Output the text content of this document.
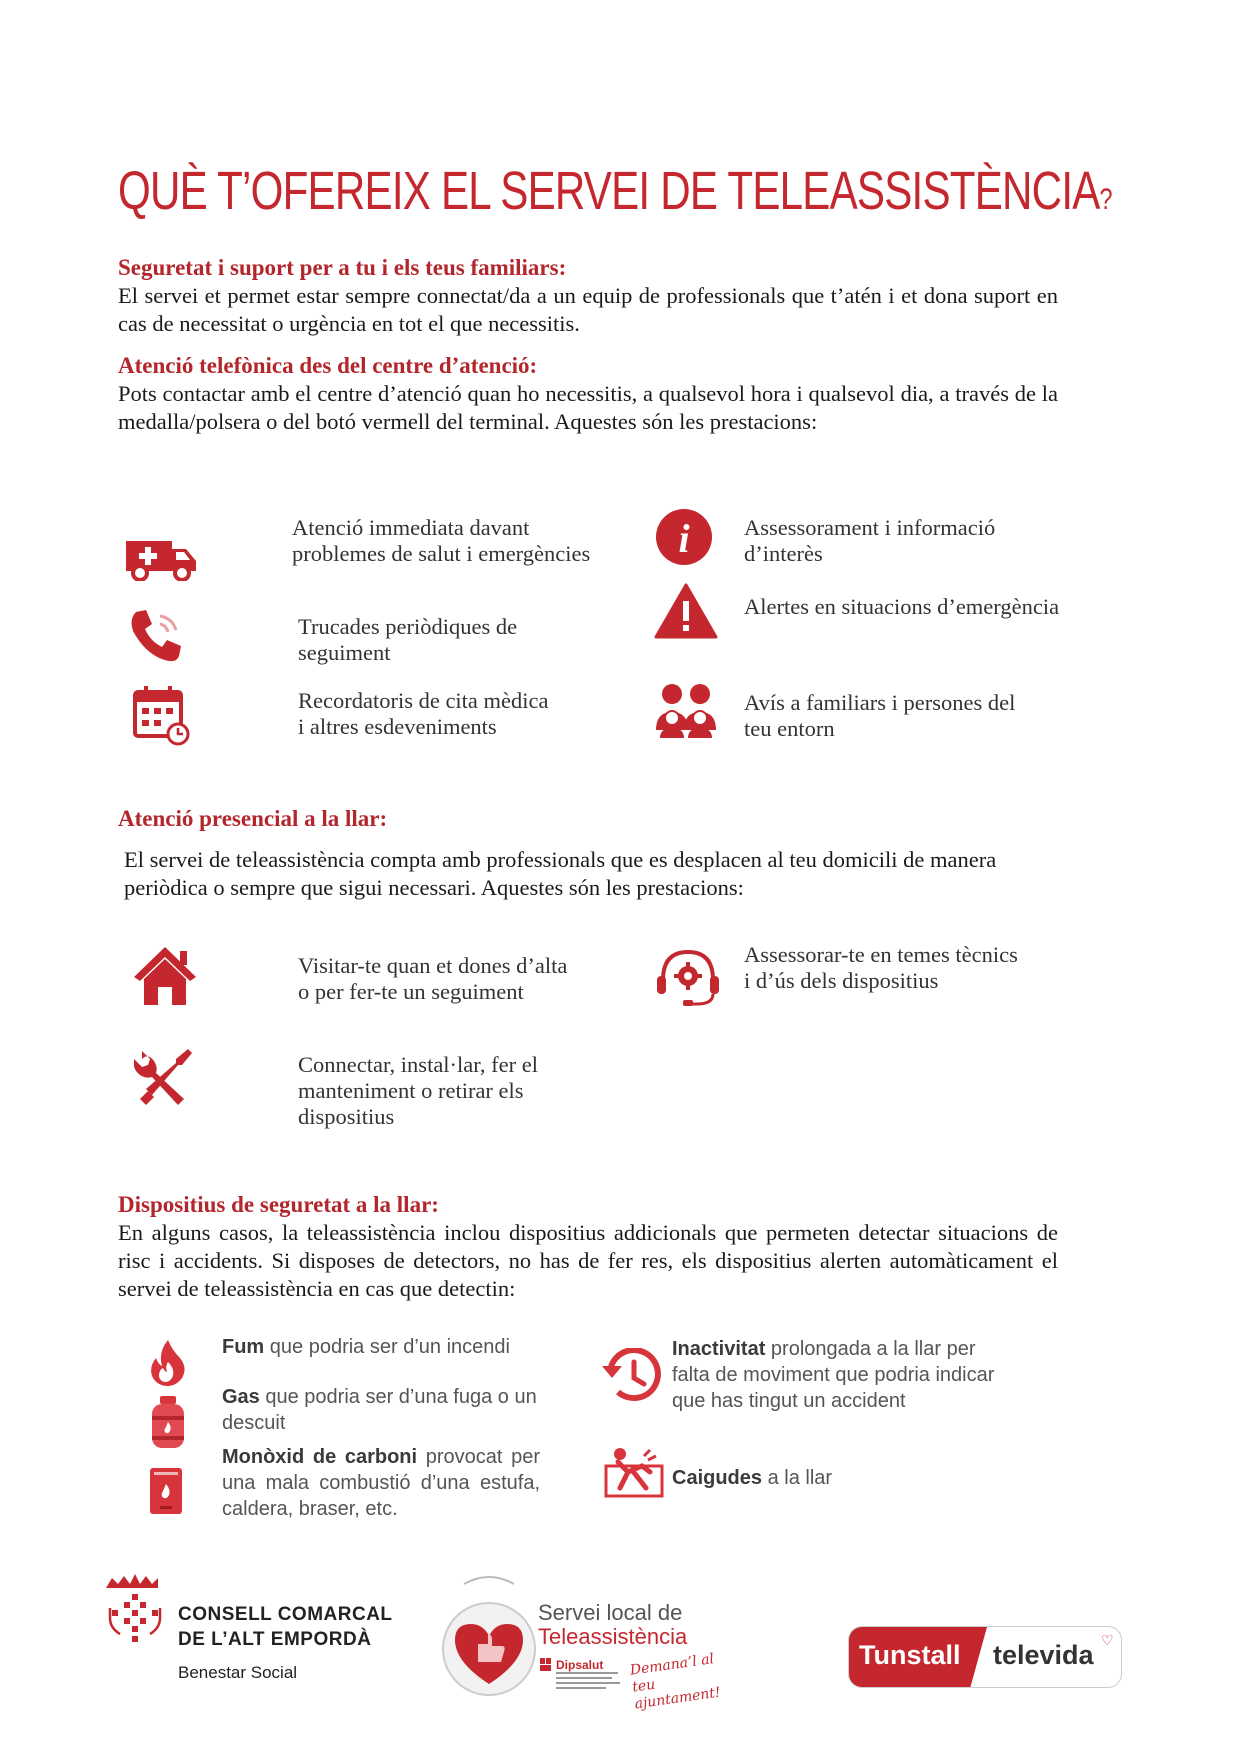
QUÈ T’OFEREIX EL SERVEI DE TELEASSISTÈNCIA?
Seguretat i suport per a tu i els teus familiars:
El servei et permet estar sempre connectat/da a un equip de professionals que t’atén i et dona suport en cas de necessitat o urgència en tot el que necessitis.
Atenció telefònica des del centre d’atenció:
Pots contactar amb el centre d’atenció quan ho necessitis, a qualsevol hora i qualsevol dia, a través de la medalla/polsera o del botó vermell del terminal. Aquestes són les prestacions:
Atenció immediata davant problemes de salut i emergències
Trucades periòdiques de seguiment
Recordatoris de cita mèdica i altres esdeveniments
i Assessorament i informació d’interès
Alertes en situacions d’emergència
Avís a familiars i persones del teu entorn
Atenció presencial a la llar:
El servei de teleassistència compta amb professionals que es desplacen al teu domicili de manera periòdica o sempre que sigui necessari. Aquestes són les prestacions:
Visitar-te quan et dones d’alta o per fer-te un seguiment
Connectar, instal·lar, fer el manteniment o retirar els dispositius
Assessorar-te en temes tècnics i d’ús dels dispositius
Dispositius de seguretat a la llar:
En alguns casos, la teleassistència inclou dispositius addicionals que permeten detectar situacions de risc i accidents. Si disposes de detectors, no has de fer res, els dispositius alerten automàticament el servei de teleassistència en cas que detectin:
Fum que podria ser d’un incendi
Gas que podria ser d’una fuga o un descuit
Monòxid de carboni provocat per una mala combustió d’una estufa, caldera, braser, etc.
Inactivitat prolongada a la llar per falta de moviment que podria indicar que has tingut un accident
Caigudes a la llar
CONSELL COMARCAL
DE L’ALT EMPORDÀ
Benestar Social
Servei local de
Teleassistència
Dipsalut Demana’l al teu ajuntament!
Tunstall televida ♡
